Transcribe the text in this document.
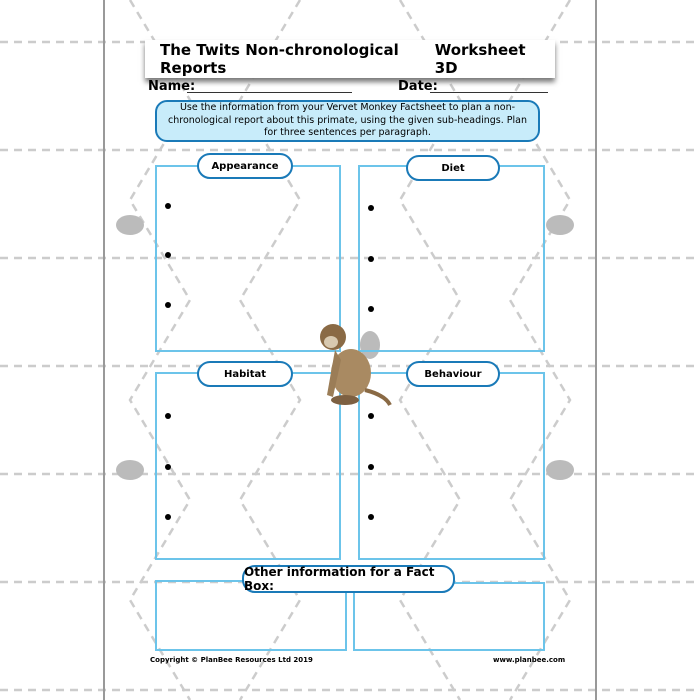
The Twits Non-chronological Reports
Worksheet 3D
Name:	Date:
Use the information from your Vervet Monkey Factsheet to plan a non-chronological report about this primate, using the given sub-headings. Plan for three sentences per paragraph.
Appearance	Diet
Habitat	Behaviour
Other information for a Fact Box:
Copyright © PlanBee Resources Ltd 2019	www.planbee.com
